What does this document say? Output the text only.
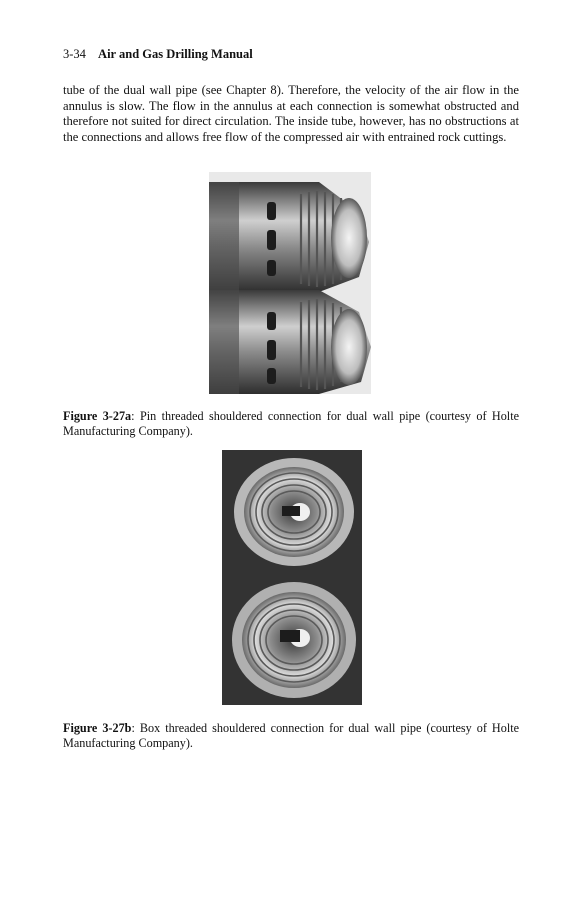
3-34 Air and Gas Drilling Manual

tube of the dual wall pipe (see Chapter 8). Therefore, the velocity of the air flow in the annulus is slow. The flow in the annulus at each connection is somewhat obstructed and therefore not suited for direct circulation. The inside tube, however, has no obstructions at the connections and allows free flow of the compressed air with entrained rock cuttings.

Figure 3-27a: Pin threaded shouldered connection for dual wall pipe (courtesy of Holte Manufacturing Company).

Figure 3-27b: Box threaded shouldered connection for dual wall pipe (courtesy of Holte Manufacturing Company).
